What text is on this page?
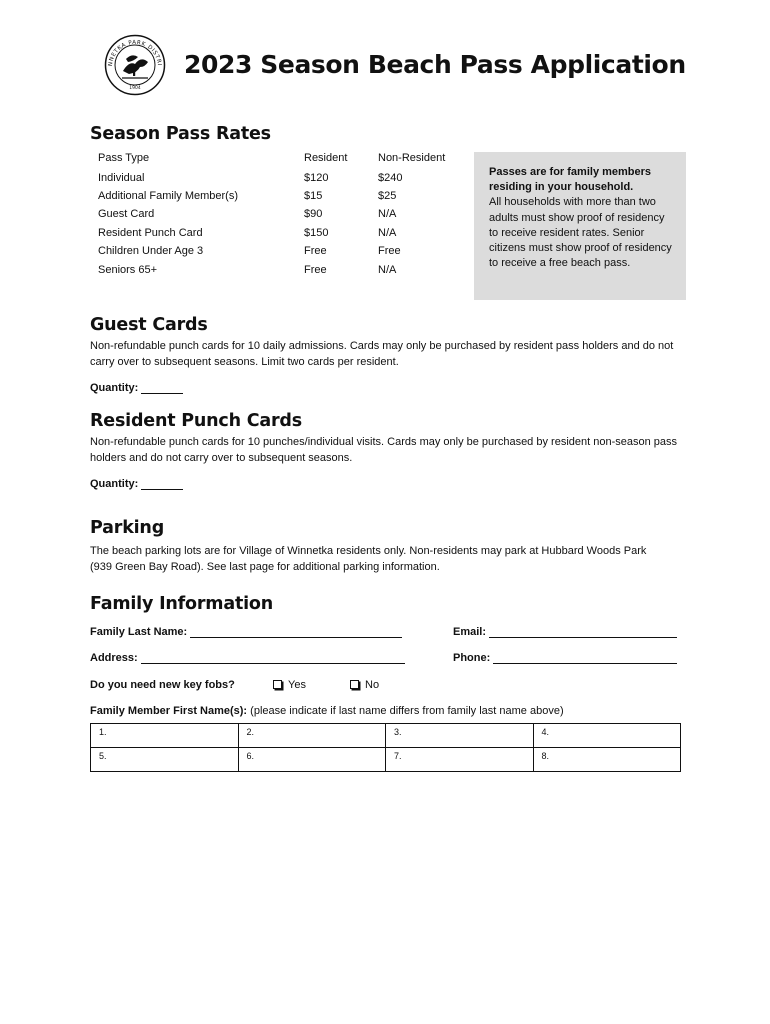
NNETKA PARK DISTRI
1904
2023 Season Beach Pass Application
Season Pass Rates
Pass Type	Resident	Non-Resident
Individual	$120	$240
Additional Family Member(s)	$15	$25
Guest Card	$90	N/A
Resident Punch Card	$150	N/A
Children Under Age 3	Free	Free
Seniors 65+	Free	N/A
Passes are for family members residing in your household.
All households with more than two adults must show proof of residency to receive resident rates. Senior citizens must show proof of residency to receive a free beach pass.
Guest Cards
Non-refundable punch cards for 10 daily admissions. Cards may only be purchased by resident pass holders and do not carry over to subsequent seasons. Limit two cards per resident.
Quantity:
Resident Punch Cards
Non-refundable punch cards for 10 punches/individual visits. Cards may only be purchased by resident non-season pass holders and do not carry over to subsequent seasons.
Quantity:
Parking
The beach parking lots are for Village of Winnetka residents only. Non-residents may park at Hubbard Woods Park (939 Green Bay Road). See last page for additional parking information.
Family Information
Family Last Name:	Email:
Address:	Phone:
Do you need new key fobs?	Yes	No
Family Member First Name(s): (please indicate if last name differs from family last name above)
1.	2.	3.	4.
5.	6.	7.	8.
